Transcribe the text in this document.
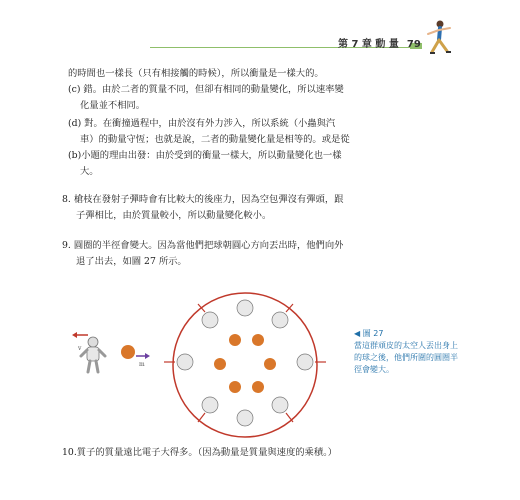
第 7 章 動 量 79
的時間也一樣長（只有相接觸的時候），所以衝量是一樣大的。
(c) 錯。由於二者的質量不同，但卻有相同的動量變化，所以速率變
化量並不相同。
(d) 對。在衝撞過程中，由於沒有外力涉入，所以系統（小蟲與汽
車）的動量守恆；也就是說，二者的動量變化量是相等的。或是從
(b)小題的理由出發：由於受到的衝量一樣大，所以動量變化也一樣
大。
8. 槍枝在發射子彈時會有比較大的後座力，因為空包彈沒有彈頭，跟
子彈相比，由於質量較小，所以動量變化較小。
9. 圓圈的半徑會變大。因為當他們把球朝圓心方向丟出時，他們向外
退了出去，如圖 27 所示。
10.質子的質量遠比電子大得多。（因為動量是質量與速度的乘積。）
v
m
◀ 圖 27
當這群頑皮的太空人丟出身上
的球之後，他們所圍的圓圈半
徑會變大。
